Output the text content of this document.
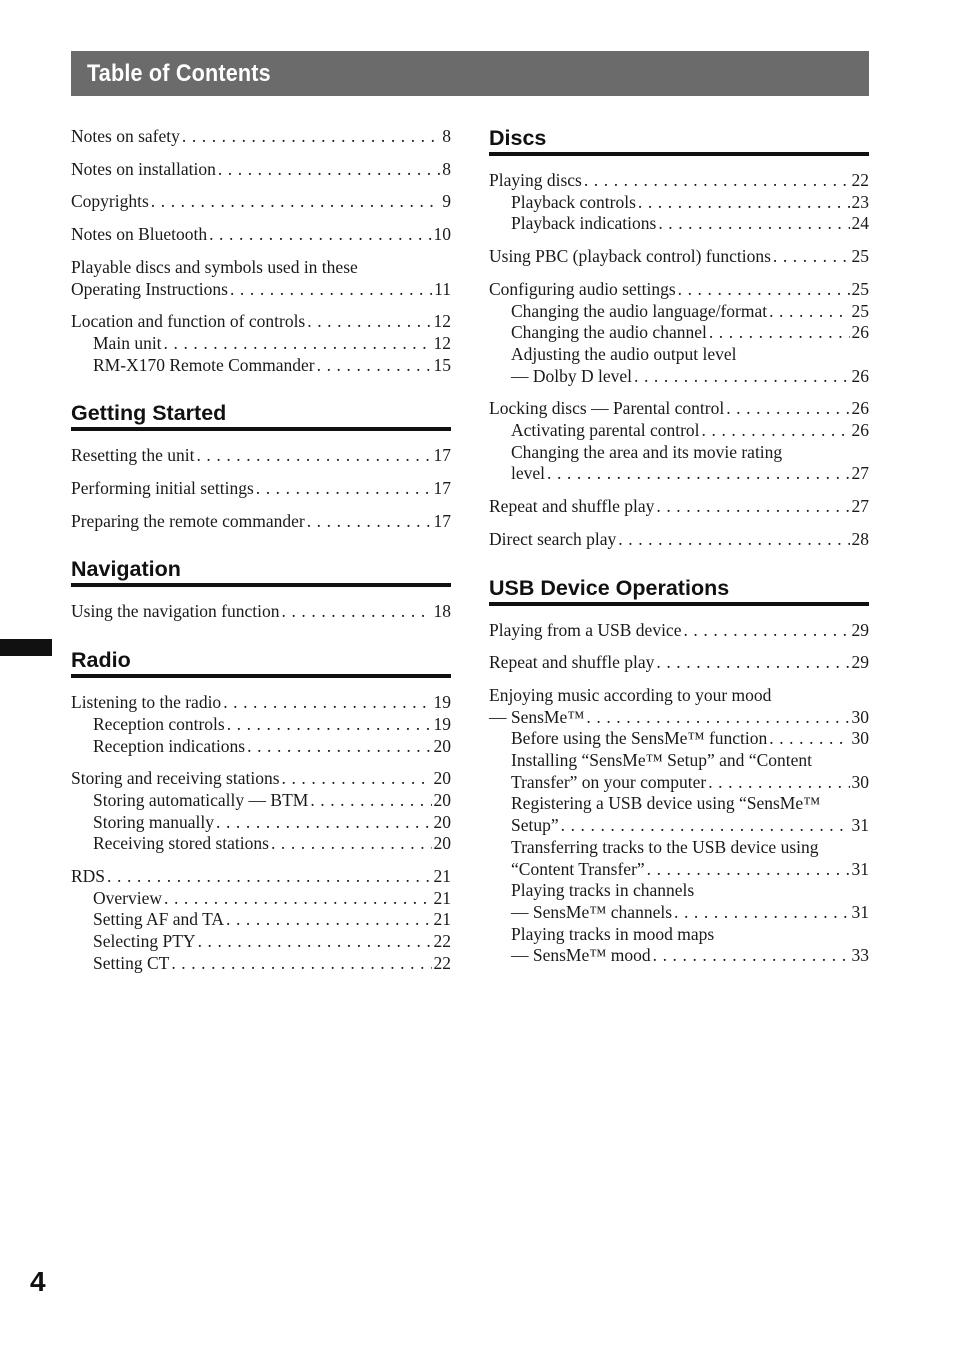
Table of Contents
Notes on safety . . .	8
Notes on installation . . .	8
Copyrights . . .	9
Notes on Bluetooth . . .	10
Playable discs and symbols used in these
Operating Instructions . . .	11
Location and function of controls . . .	12
Main unit . . .	12
RM-X170 Remote Commander . . .	15
Getting Started
Resetting the unit . . .	17
Performing initial settings . . .	17
Preparing the remote commander . . .	17
Navigation
Using the navigation function . . .	18
Radio
Listening to the radio . . .	19
Reception controls . . .	19
Reception indications . . .	20
Storing and receiving stations . . .	20
Storing automatically — BTM . . .	20
Storing manually . . .	20
Receiving stored stations . . .	20
RDS . . .	21
Overview . . .	21
Setting AF and TA . . .	21
Selecting PTY . . .	22
Setting CT . . .	22
Discs
Playing discs . . .	22
Playback controls . . .	23
Playback indications . . .	24
Using PBC (playback control) functions . . .	25
Configuring audio settings . . .	25
Changing the audio language/format . . .	25
Changing the audio channel . . .	26
Adjusting the audio output level
— Dolby D level . . .	26
Locking discs — Parental control . . .	26
Activating parental control . . .	26
Changing the area and its movie rating
level . . .	27
Repeat and shuffle play . . .	27
Direct search play . . .	28
USB Device Operations
Playing from a USB device . . .	29
Repeat and shuffle play . . .	29
Enjoying music according to your mood
— SensMe™ . . .	30
Before using the SensMe™ function . . .	30
Installing “SensMe™ Setup” and “Content
Transfer” on your computer . . .	30
Registering a USB device using “SensMe™
Setup” . . .	31
Transferring tracks to the USB device using
“Content Transfer” . . .	31
Playing tracks in channels
— SensMe™ channels . . .	31
Playing tracks in mood maps
— SensMe™ mood . . .	33
4
